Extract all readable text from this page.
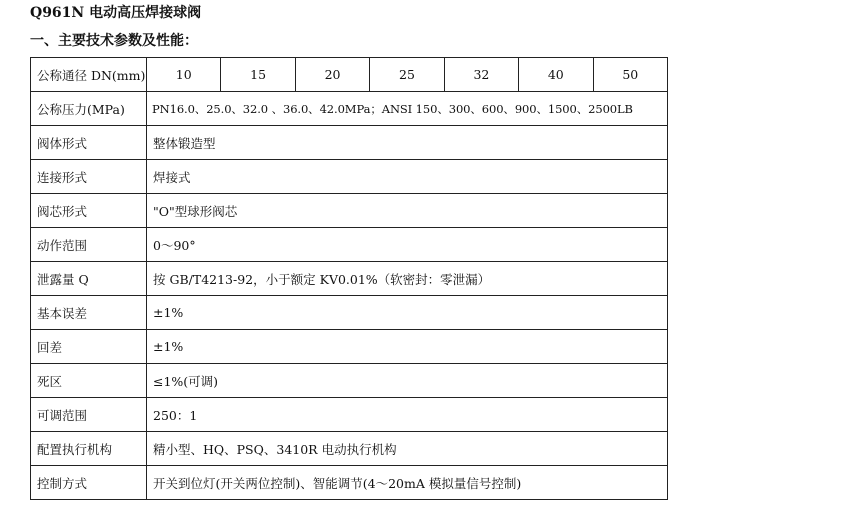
Q961N 电动高压焊接球阀
一、主要技术参数及性能：
公称通径 DN(mm)	10	15	20	25	32	40	50
公称压力(MPa)	PN16.0、25.0、32.0 、36.0、42.0MPa；ANSI 150、300、600、900、1500、2500LB						
阀体形式	整体锻造型						
连接形式	焊接式						
阀芯形式	"O"型球形阀芯						
动作范围	0～90°						
泄露量 Q	按 GB/T4213-92，小于额定 KV0.01%（软密封：零泄漏）						
基本误差	±1%						
回差	±1%						
死区	≤1%(可调)						
可调范围	250：1						
配置执行机构	精小型、HQ、PSQ、3410R 电动执行机构						
控制方式	开关到位灯(开关两位控制)、智能调节(4～20mA 模拟量信号控制)						
